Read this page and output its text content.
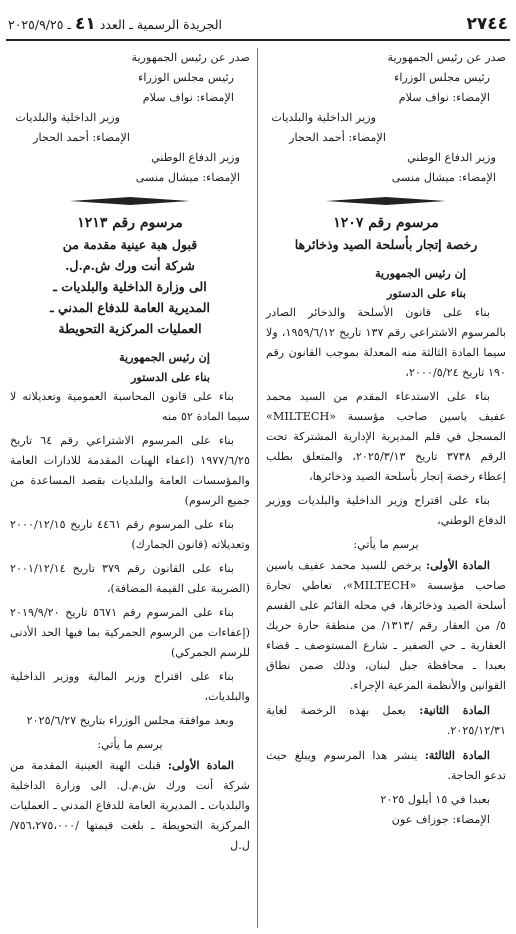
٢٧٤٤
الجريدة الرسمية ـ العدد ٤١ ـ ٢٠٢٥/٩/٢٥
صدر عن رئيس الجمهورية
رئيس مجلس الوزراء
الإمضاء: نواف سلام
وزير الداخلية والبلديات
الإمضاء: أحمد الحجار
وزير الدفاع الوطني
الإمضاء: ميشال منسى
مرسوم رقم ١٢٠٧
رخصة إتجار بأسلحة الصيد وذخائرها
إن رئيس الجمهورية
بناء على الدستور

بناء على قانون الأسلحة والذخائر الصادر بالمرسوم الاشتراعي رقم ١٣٧ تاريخ ١٩٥٩/٦/١٢، ولا سيما المادة الثالثة منه المعدلة بموجب القانون رقم ١٩٠ تاريخ ٢٠٠٠/٥/٢٤،

بناء على الاستدعاء المقدم من السيد محمد عفيف ياسين صاحب مؤسسة «MILTECH» المسجل في قلم المديرية الإدارية المشتركة تحت الرقم ٣٧٣٨ تاريخ ٢٠٢٥/٣/١٣، والمتعلق بطلب إعطاء رخصة إتجار بأسلحة الصيد وذخائرها،

بناء على اقتراح وزير الداخلية والبلديات ووزير الدفاع الوطني،

يرسم ما يأتي:

المادة الأولى: يرخص للسيد محمد عفيف ياسين صاحب مؤسسة «MILTECH»، تعاطي تجارة أسلحة الصيد وذخائرها، في محله القائم على القسم ٥/ من العقار رقم /١٣١٣/ من منطقة حارة حريك العقارية ـ حي الصفير ـ شارع المستوصف ـ قضاء بعبدا ـ محافظة جبل لبنان، وذلك ضمن نطاق القوانين والأنظمة المرعية الإجراء.

المادة الثانية: يعمل بهذه الرخصة لغاية ٢٠٢٥/١٢/٣١.

المادة الثالثة: ينشر هذا المرسوم ويبلغ حيث تدعو الحاجة.

بعبدا في ١٥ أيلول ٢٠٢٥
الإمضاء: جوزاف عون
صدر عن رئيس الجمهورية
رئيس مجلس الوزراء
الإمضاء: نواف سلام
وزير الداخلية والبلديات
الإمضاء: أحمد الحجار
وزير الدفاع الوطني
الإمضاء: ميشال منسى
مرسوم رقم ١٢١٣
قبول هبة عينية مقدمة من
شركة أنت ورك ش.م.ل.
الى وزارة الداخلية والبلديات ـ
المديرية العامة للدفاع المدني ـ
العمليات المركزية التحويطة
إن رئيس الجمهورية
بناء على الدستور

بناء على قانون المحاسبة العمومية وتعديلاته لا سيما المادة ٥٢ منه

بناء على المرسوم الاشتراعي رقم ٦٤ تاريخ ١٩٧٧/٦/٢٥ (اعفاء الهبات المقدمة للادارات العامة والمؤسسات العامة والبلديات بقصد المساعدة من جميع الرسوم)

بناء على المرسوم رقم ٤٤٦١ تاريخ ٢٠٠٠/١٢/١٥ وتعديلاته (قانون الجمارك)

بناء على القانون رقم ٣٧٩ تاريخ ٢٠٠١/١٢/١٤ (الضريبة على القيمة المضافة)،

بناء على المرسوم رقم ٥٦٧١ تاريخ ٢٠١٩/٩/٢٠ (إعفاءات من الرسوم الجمركية بما فيها الحد الأدنى للرسم الجمركي)

بناء على اقتراح وزير المالية ووزير الداخلية والبلديات،

وبعد موافقة مجلس الوزراء بتاريخ ٢٠٢٥/٦/٢٧

يرسم ما يأتي:

المادة الأولى: قبلت الهبة العينية المقدمة من شركة أنت ورك ش.م.ل. الى وزارة الداخلية والبلديات ـ المديرية العامة للدفاع المدني ـ العمليات المركزية التحويطة ـ بلغت قيمتها /٧٥٦،٢٧٥،٠٠٠/ ل.ل
